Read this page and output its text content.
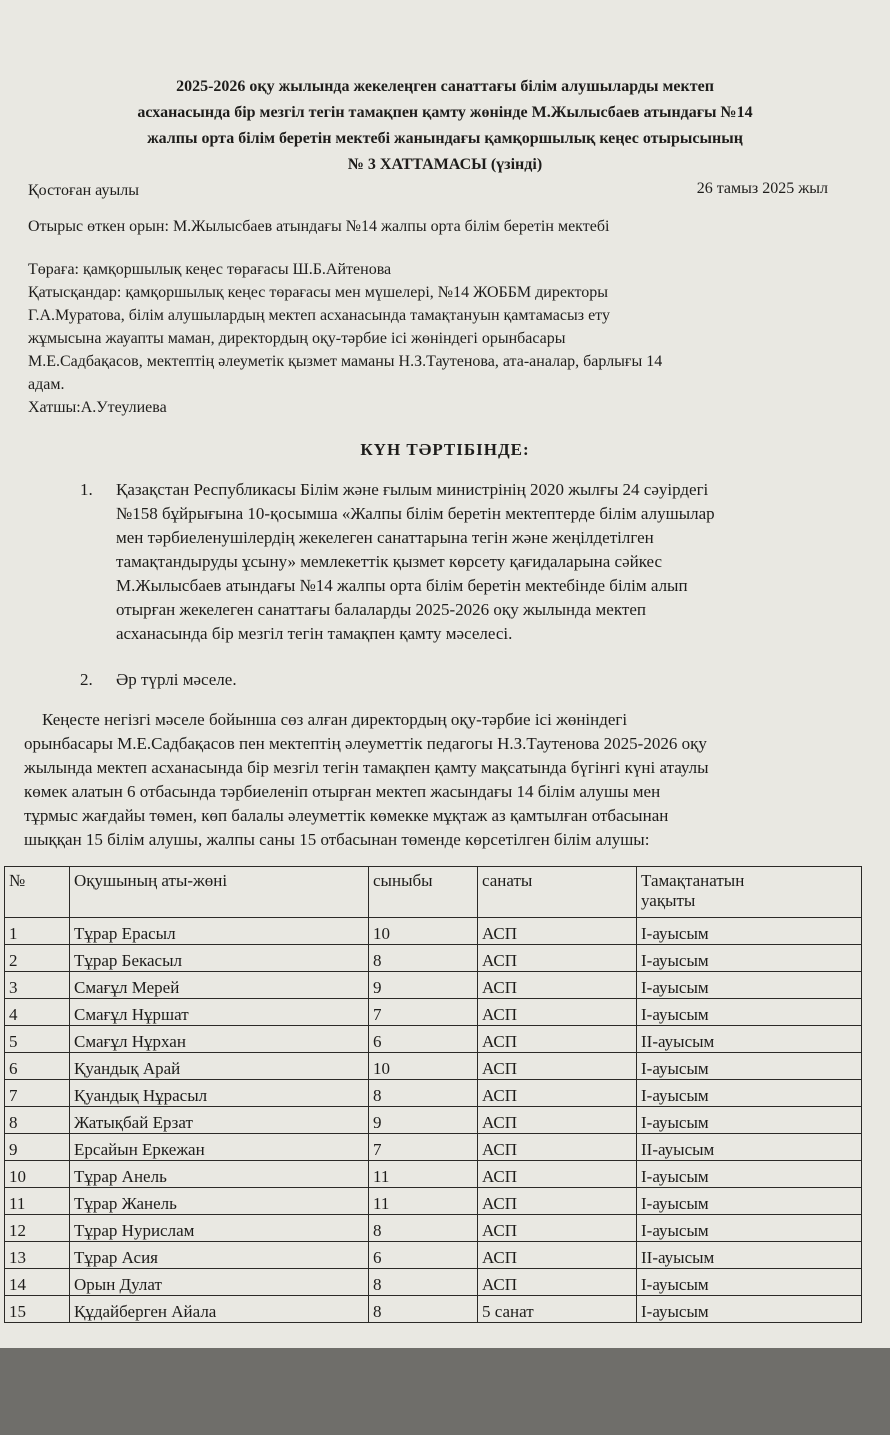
2025-2026 оқу жылында жекелеңген санаттағы білім алушыларды мектеп
асханасында бір мезгіл тегін тамақпен қамту жөнінде М.Жылысбаев атындағы №14
жалпы орта білім беретін мектебі жанындағы қамқоршылық кеңес отырысының
№ 3 ХАТТАМАСЫ (үзінді)
Қостоған ауылы	26 тамыз 2025 жыл
Отырыс өткен орын: М.Жылысбаев атындағы №14 жалпы орта білім беретін мектебі
Төраға: қамқоршылық кеңес төрағасы Ш.Б.Айтенова
Қатысқандар: қамқоршылық кеңес төрағасы мен мүшелері, №14 ЖОББМ директоры
Г.А.Муратова, білім алушылардың мектеп асханасында тамақтануын қамтамасыз ету
жұмысына жауапты маман, директордың оқу-тәрбие ісі жөніндегі орынбасары
М.Е.Садбақасов, мектептің әлеуметік қызмет маманы Н.З.Таутенова, ата-аналар, барлығы 14
адам.
Хатшы:А.Утеулиева
КҮН ТӘРТІБІНДЕ:
1. Қазақстан Республикасы Білім және ғылым министрінің 2020 жылғы 24 сәуірдегі
№158 бұйрығына 10-қосымша «Жалпы білім беретін мектептерде білім алушылар
мен тәрбиеленушілердің жекелеген санаттарына тегін және жеңілдетілген
тамақтандыруды ұсыну» мемлекеттік қызмет көрсету қағидаларына сәйкес
М.Жылысбаев атындағы №14 жалпы орта білім беретін мектебінде білім алып
отырған жекелеген санаттағы балаларды 2025-2026 оқу жылында мектеп
асханасында бір мезгіл тегін тамақпен қамту мәселесі.
2. Әр түрлі мәселе.
Кеңесте негізгі мәселе бойынша сөз алған директордың оқу-тәрбие ісі жөніндегі
орынбасары М.Е.Садбақасов пен мектептің әлеуметтік педагогы Н.З.Таутенова 2025-2026 оқу
жылында мектеп асханасында бір мезгіл тегін тамақпен қамту мақсатында бүгінгі күні атаулы
көмек алатын 6 отбасында тәрбиеленіп отырған мектеп жасындағы 14 білім алушы мен
тұрмыс жағдайы төмен, көп балалы әлеуметтік көмекке мұқтаж аз қамтылған отбасынан
шыққан 15 білім алушы, жалпы саны 15 отбасынан төменде көрсетілген білім алушы:
№	Оқушының аты-жөні	сыныбы	санаты	Тамақтанатын
уақыты

1	Тұрар Ерасыл	10	АСП	І-ауысым
2	Тұрар Бекасыл	8	АСП	І-ауысым
3	Смағұл Мерей	9	АСП	І-ауысым
4	Смағұл Нұршат	7	АСП	І-ауысым
5	Смағұл Нұрхан	6	АСП	ІІ-ауысым
6	Қуандық Арай	10	АСП	І-ауысым
7	Қуандық Нұрасыл	8	АСП	І-ауысым
8	Жатықбай Ерзат	9	АСП	І-ауысым
9	Ерсайын Еркежан	7	АСП	ІІ-ауысым
10	Тұрар Анель	11	АСП	І-ауысым
11	Тұрар Жанель	11	АСП	І-ауысым
12	Тұрар Нурислам	8	АСП	І-ауысым
13	Тұрар Асия	6	АСП	ІІ-ауысым
14	Орын Дулат	8	АСП	І-ауысым
15	Құдайберген Айала	8	5 санат	І-ауысым
